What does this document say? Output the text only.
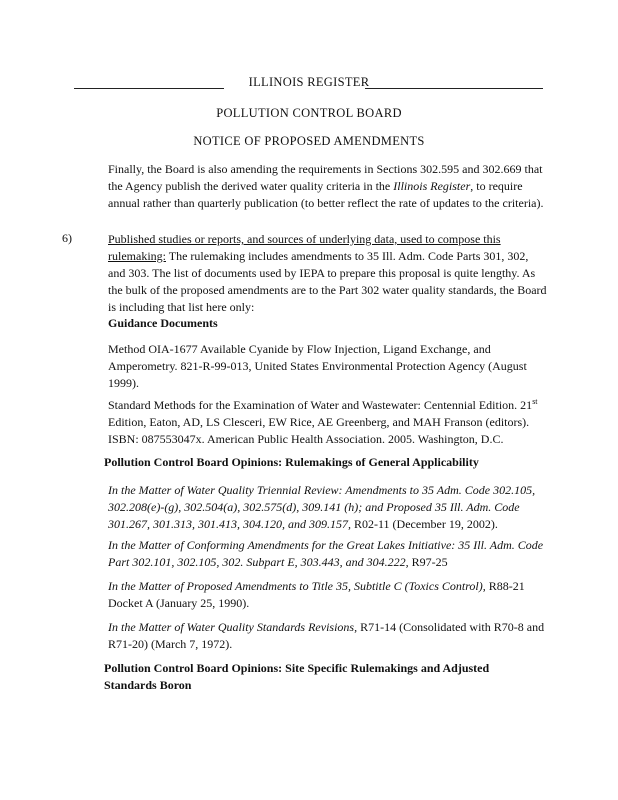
ILLINOIS REGISTER
POLLUTION CONTROL BOARD
NOTICE OF PROPOSED AMENDMENTS

Finally, the Board is also amending the requirements in Sections 302.595 and 302.669 that the Agency publish the derived water quality criteria in the Illinois Register, to require annual rather than quarterly publication (to better reflect the rate of updates to the criteria).

6)	Published studies or reports, and sources of underlying data, used to compose this rulemaking: The rulemaking includes amendments to 35 Ill. Adm. Code Parts 301, 302, and 303. The list of documents used by IEPA to prepare this proposal is quite lengthy. As the bulk of the proposed amendments are to the Part 302 water quality standards, the Board is including that list here only:

Guidance Documents

Method OIA-1677 Available Cyanide by Flow Injection, Ligand Exchange, and Amperometry. 821-R-99-013, United States Environmental Protection Agency (August 1999).

Standard Methods for the Examination of Water and Wastewater: Centennial Edition. 21st Edition, Eaton, AD, LS Clesceri, EW Rice, AE Greenberg, and MAH Franson (editors). ISBN: 087553047x. American Public Health Association. 2005. Washington, D.C.

Pollution Control Board Opinions: Rulemakings of General Applicability

In the Matter of Water Quality Triennial Review: Amendments to 35 Adm. Code 302.105, 302.208(e)-(g), 302.504(a), 302.575(d), 309.141 (h); and Proposed 35 Ill. Adm. Code 301.267, 301.313, 301.413, 304.120, and 309.157, R02-11 (December 19, 2002).

In the Matter of Conforming Amendments for the Great Lakes Initiative: 35 Ill. Adm. Code Part 302.101, 302.105, 302. Subpart E, 303.443, and 304.222, R97-25

In the Matter of Proposed Amendments to Title 35, Subtitle C (Toxics Control), R88-21 Docket A (January 25, 1990).

In the Matter of Water Quality Standards Revisions, R71-14 (Consolidated with R70-8 and R71-20) (March 7, 1972).

Pollution Control Board Opinions: Site Specific Rulemakings and Adjusted Standards Boron
